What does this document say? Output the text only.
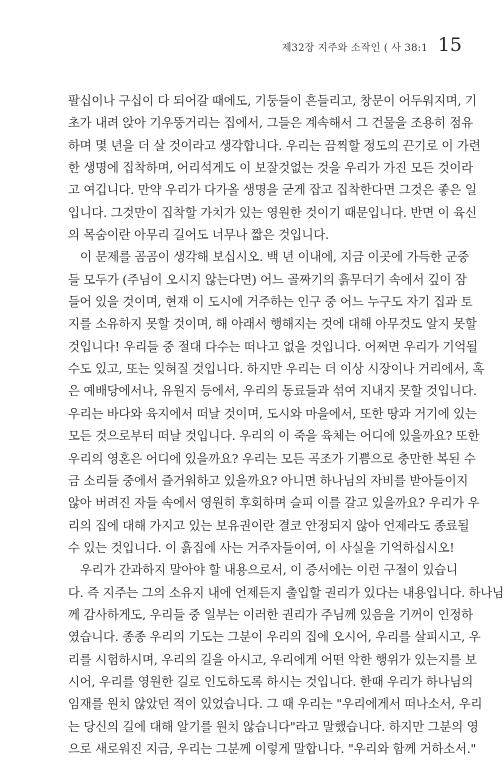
제32장 지주와 소작인 ( 사 38:1 15

팔십이나 구십이 다 되어갈 때에도, 기둥들이 흔들리고, 창문이 어두워지며, 기
초가 내려 앉아 기우뚱거리는 집에서, 그들은 계속해서 그 건물을 조용히 점유
하며 몇 년을 더 살 것이라고 생각합니다. 우리는 끔찍할 정도의 끈기로 이 가련
한 생명에 집착하며, 어리석게도 이 보잘것없는 것을 우리가 가진 모든 것이라
고 여깁니다. 만약 우리가 다가올 생명을 굳게 잡고 집착한다면 그것은 좋은 일
입니다. 그것만이 집착할 가치가 있는 영원한 것이기 때문입니다. 반면 이 육신
의 목숨이란 아무리 길어도 너무나 짧은 것입니다.

이 문제를 곰곰이 생각해 보십시오. 백 년 이내에, 지금 이곳에 가득한 군중
들 모두가 (주님이 오시지 않는다면) 어느 골짜기의 흙무더기 속에서 깊이 잠
들어 있을 것이며, 현재 이 도시에 거주하는 인구 중 어느 누구도 자기 집과 토
지를 소유하지 못할 것이며, 해 아래서 행해지는 것에 대해 아무것도 알지 못할
것입니다! 우리들 중 절대 다수는 떠나고 없을 것입니다. 어쩌면 우리가 기억될
수도 있고, 또는 잊혀질 것입니다. 하지만 우리는 더 이상 시장이나 거리에서, 혹
은 예배당에서나, 유원지 등에서, 우리의 동료들과 섞여 지내지 못할 것입니다.
우리는 바다와 육지에서 떠날 것이며, 도시와 마을에서, 또한 땅과 거기에 있는
모든 것으로부터 떠날 것입니다. 우리의 이 죽을 육체는 어디에 있을까요? 또한
우리의 영혼은 어디에 있을까요? 우리는 모든 곡조가 기쁨으로 충만한 복된 수
금 소리들 중에서 즐거워하고 있을까요? 아니면 하나님의 자비를 받아들이지
않아 버려진 자들 속에서 영원히 후회하며 슬피 이를 갈고 있을까요? 우리가 우
리의 집에 대해 가지고 있는 보유권이란 결코 안정되지 않아 언제라도 종료될
수 있는 것입니다. 이 흙집에 사는 거주자들이여, 이 사실을 기억하십시오!

우리가 간과하지 말아야 할 내용으로서, 이 증서에는 이런 구절이 있습니
다. 즉 지주는 그의 소유지 내에 언제든지 출입할 권리가 있다는 내용입니다. 하나님
께 감사하게도, 우리들 중 일부는 이러한 권리가 주님께 있음을 기꺼이 인정하
였습니다. 종종 우리의 기도는 그분이 우리의 집에 오시어, 우리를 살피시고, 우
리를 시험하시며, 우리의 길을 아시고, 우리에게 어떤 악한 행위가 있는지를 보
시어, 우리를 영원한 길로 인도하도록 하시는 것입니다. 한때 우리가 하나님의
임재를 원치 않았던 적이 있었습니다. 그 때 우리는 "우리에게서 떠나소서, 우리
는 당신의 길에 대해 알기를 원치 않습니다"라고 말했습니다. 하지만 그분의 영
으로 새로워진 지금, 우리는 그분께 이렇게 말합니다. "우리와 함께 거하소서."
